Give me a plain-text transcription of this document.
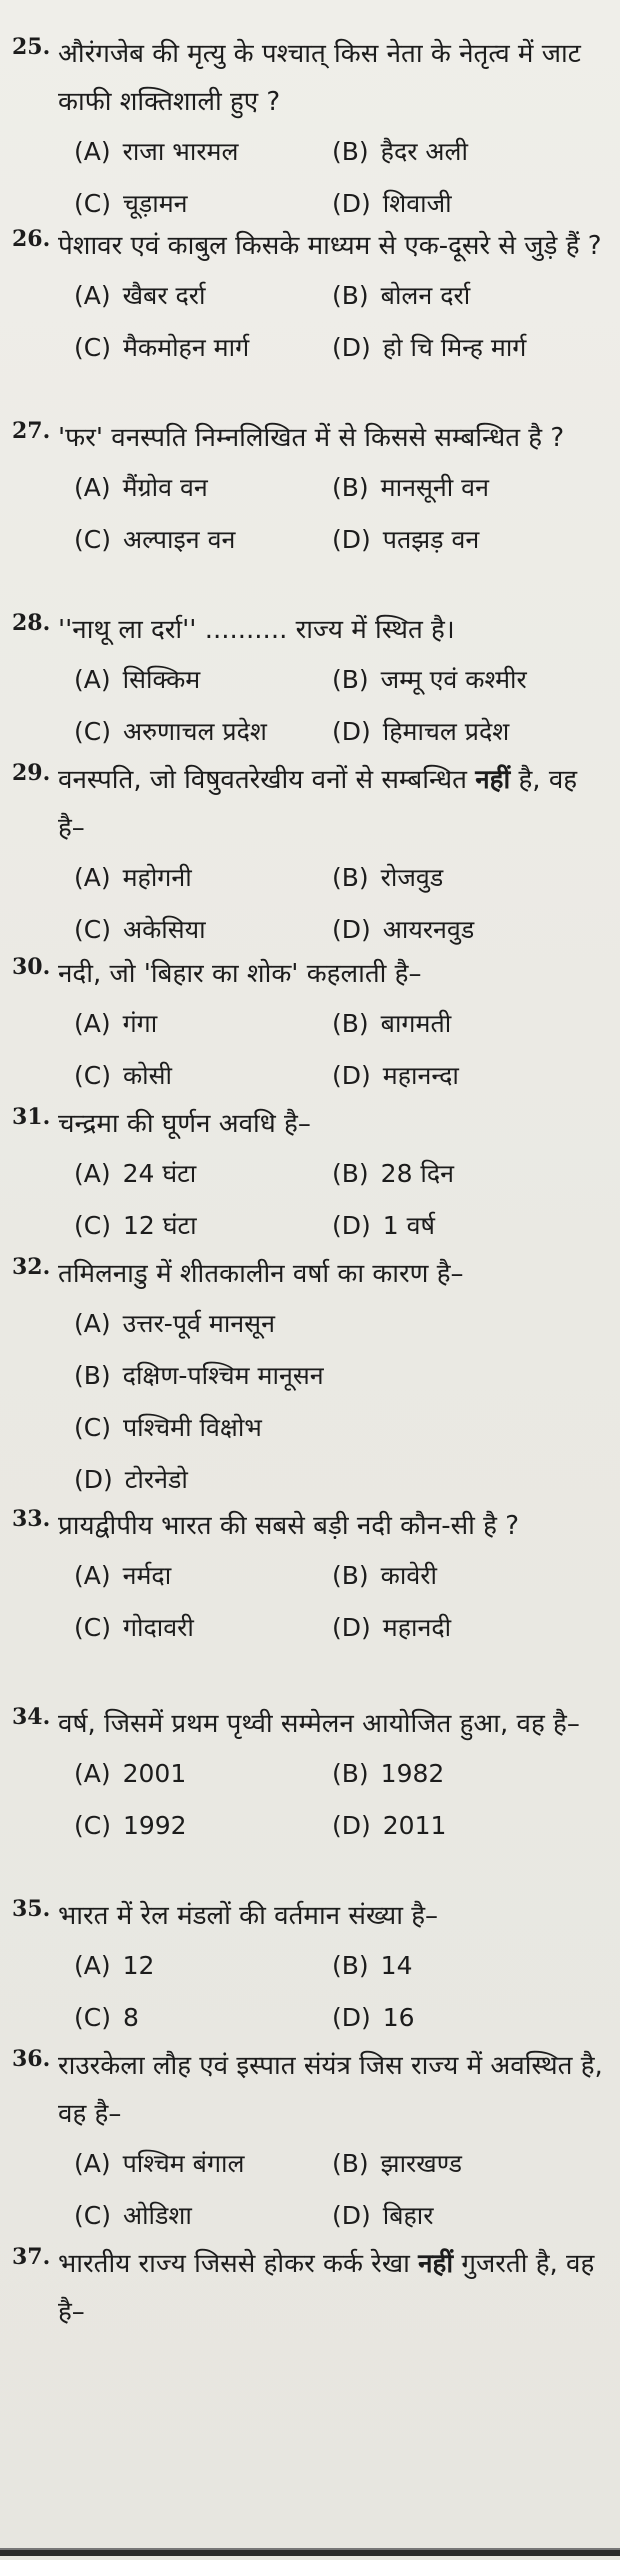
25. औरंगजेब की मृत्यु के पश्चात् किस नेता के नेतृत्व में जाट काफी शक्तिशाली हुए ?
(A) राजा भारमल	(B) हैदर अली
(C) चूड़ामन	(D) शिवाजी
26. पेशावर एवं काबुल किसके माध्यम से एक-दूसरे से जुड़े हैं ?
(A) खैबर दर्रा	(B) बोलन दर्रा
(C) मैकमोहन मार्ग	(D) हो चि मिन्ह मार्ग
27. 'फर' वनस्पति निम्नलिखित में से किससे सम्बन्धित है ?
(A) मैंग्रोव वन	(B) मानसूनी वन
(C) अल्पाइन वन	(D) पतझड़ वन
28. ''नाथू ला दर्रा'' .......... राज्य में स्थित है।
(A) सिक्किम	(B) जम्मू एवं कश्मीर
(C) अरुणाचल प्रदेश	(D) हिमाचल प्रदेश
29. वनस्पति, जो विषुवतरेखीय वनों से सम्बन्धित नहीं है, वह है–
(A) महोगनी	(B) रोजवुड
(C) अकेसिया	(D) आयरनवुड
30. नदी, जो 'बिहार का शोक' कहलाती है–
(A) गंगा	(B) बागमती
(C) कोसी	(D) महानन्दा
31. चन्द्रमा की घूर्णन अवधि है–
(A) 24 घंटा	(B) 28 दिन
(C) 12 घंटा	(D) 1 वर्ष
32. तमिलनाडु में शीतकालीन वर्षा का कारण है–
(A) उत्तर-पूर्व मानसून
(B) दक्षिण-पश्चिम मानूसन
(C) पश्चिमी विक्षोभ
(D) टोरनेडो
33. प्रायद्वीपीय भारत की सबसे बड़ी नदी कौन-सी है ?
(A) नर्मदा	(B) कावेरी
(C) गोदावरी	(D) महानदी
34. वर्ष, जिसमें प्रथम पृथ्वी सम्मेलन आयोजित हुआ, वह है–
(A) 2001	(B) 1982
(C) 1992	(D) 2011
35. भारत में रेल मंडलों की वर्तमान संख्या है–
(A) 12	(B) 14
(C) 8	(D) 16
36. राउरकेला लौह एवं इस्पात संयंत्र जिस राज्य में अवस्थित है, वह है–
(A) पश्चिम बंगाल	(B) झारखण्ड
(C) ओडिशा	(D) बिहार
37. भारतीय राज्य जिससे होकर कर्क रेखा नहीं गुजरती है, वह है–
